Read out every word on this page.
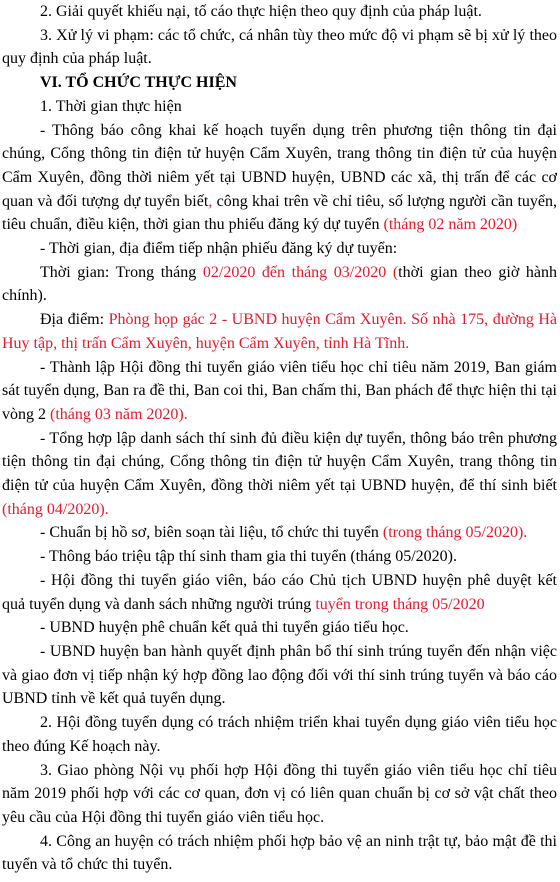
2. Giải quyết khiếu nại, tố cáo thực hiện theo quy định của pháp luật.

3. Xử lý vi phạm: các tổ chức, cá nhân tùy theo mức độ vi phạm sẽ bị xử lý theo quy định của pháp luật.

VI. TỔ CHỨC THỰC HIỆN

1. Thời gian thực hiện

- Thông báo công khai kế hoạch tuyển dụng trên phương tiện thông tin đại chúng, Cổng thông tin điện tử huyện Cẩm Xuyên, trang thông tin điện tử của huyện Cẩm Xuyên, đồng thời niêm yết tại UBND huyện, UBND các xã, thị trấn để các cơ quan và đối tượng dự tuyển biết, công khai trên về chỉ tiêu, số lượng người cần tuyển, tiêu chuẩn, điều kiện, thời gian thu phiếu đăng ký dự tuyển (tháng 02 năm 2020)

- Thời gian, địa điểm tiếp nhận phiếu đăng ký dự tuyển:

Thời gian: Trong tháng 02/2020 đến tháng 03/2020 (thời gian theo giờ hành chính).

Địa điểm: Phòng họp gác 2 - UBND huyện Cẩm Xuyên. Số nhà 175, đường Hà Huy tập, thị trấn Cẩm Xuyên, huyện Cẩm Xuyên, tỉnh Hà Tĩnh.

- Thành lập Hội đồng thi tuyển giáo viên tiểu học chỉ tiêu năm 2019, Ban giám sát tuyển dụng, Ban ra đề thi, Ban coi thi, Ban chấm thi, Ban phách để thực hiện thi tại vòng 2 (tháng 03 năm 2020).

- Tổng hợp lập danh sách thí sinh đủ điều kiện dự tuyển, thông báo trên phương tiện thông tin đại chúng, Cổng thông tin điện tử huyện Cẩm Xuyên, trang thông tin điện tử của huyện Cẩm Xuyên, đồng thời niêm yết tại UBND huyện, để thí sinh biết (tháng 04/2020).

- Chuẩn bị hồ sơ, biên soạn tài liệu, tổ chức thi tuyển (trong tháng 05/2020).

- Thông báo triệu tập thí sinh tham gia thi tuyển (tháng 05/2020).

- Hội đồng thi tuyển giáo viên, báo cáo Chủ tịch UBND huyện phê duyệt kết quả tuyển dụng và danh sách những người trúng tuyển trong tháng 05/2020

- UBND huyện phê chuẩn kết quả thi tuyển giáo tiểu học.

- UBND huyện ban hành quyết định phân bổ thí sinh trúng tuyển đến nhận việc và giao đơn vị tiếp nhận ký hợp đồng lao động đối với thí sinh trúng tuyển và báo cáo UBND tỉnh về kết quả tuyển dụng.

2. Hội đồng tuyển dụng có trách nhiệm triển khai tuyển dụng giáo viên tiểu học theo đúng Kế hoạch này.

3. Giao phòng Nội vụ phối hợp Hội đồng thi tuyển giáo viên tiểu học chỉ tiêu năm 2019 phối hợp với các cơ quan, đơn vị có liên quan chuẩn bị cơ sở vật chất theo yêu cầu của Hội đồng thi tuyển giáo viên tiểu học.

4. Công an huyện có trách nhiệm phối hợp bảo vệ an ninh trật tự, bảo mật đề thi tuyển và tổ chức thi tuyển.
